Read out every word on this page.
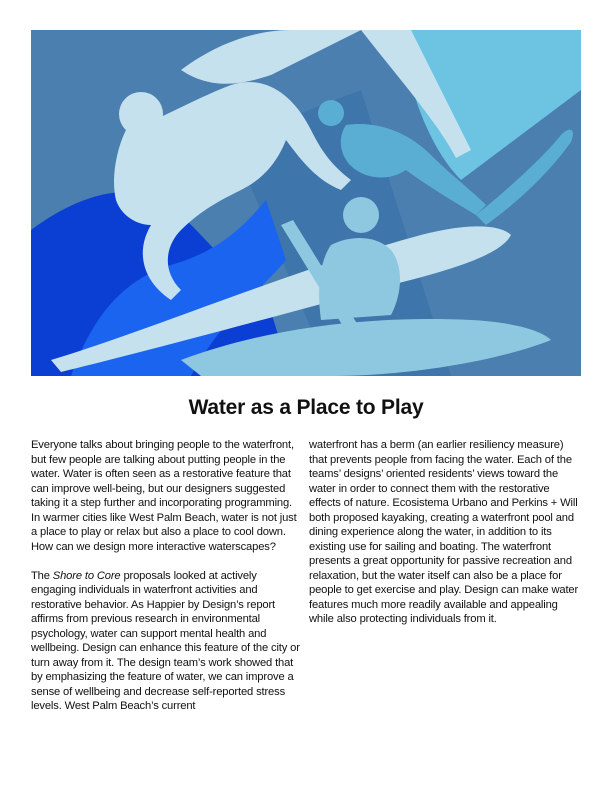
Water as a Place to Play

Everyone talks about bringing people to the waterfront, but few people are talking about putting people in the water. Water is often seen as a restorative feature that can improve well-being, but our designers suggested taking it a step further and incorporating programming. In warmer cities like West Palm Beach, water is not just a place to play or relax but also a place to cool down. How can we design more interactive waterscapes?

The Shore to Core proposals looked at actively engaging individuals in waterfront activities and restorative behavior. As Happier by Design’s report affirms from previous research in environmental psychology, water can support mental health and wellbeing. Design can enhance this feature of the city or turn away from it. The design team’s work showed that by emphasizing the feature of water, we can improve a sense of wellbeing and decrease self-reported stress levels. West Palm Beach’s current

waterfront has a berm (an earlier resiliency measure) that prevents people from facing the water. Each of the teams’ designs’ oriented residents’ views toward the water in order to connect them with the restorative effects of nature. Ecosistema Urbano and Perkins + Will both proposed kayaking, creating a waterfront pool and dining experience along the water, in addition to its existing use for sailing and boating. The waterfront presents a great opportunity for passive recreation and relaxation, but the water itself can also be a place for people to get exercise and play. Design can make water features much more readily available and appealing while also protecting individuals from it.
